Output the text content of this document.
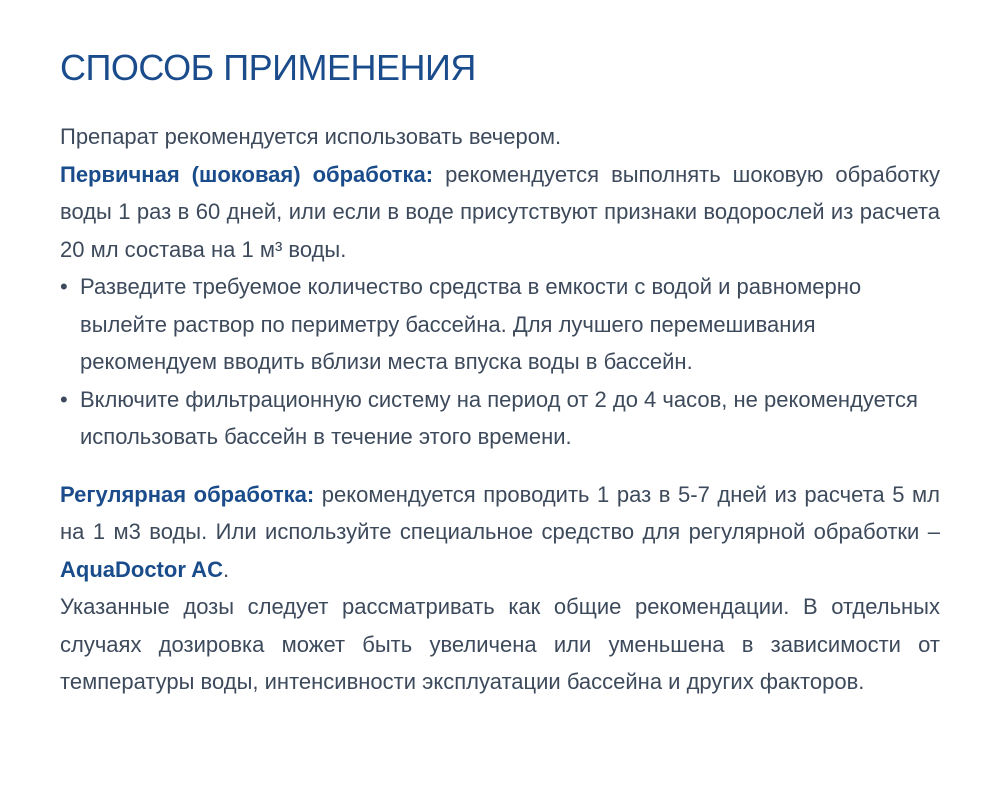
СПОСОБ ПРИМЕНЕНИЯ

Препарат рекомендуется использовать вечером.

Первичная (шоковая) обработка: рекомендуется выполнять шоковую обработку воды 1 раз в 60 дней, или если в воде присутствуют признаки водорослей из расчета 20 мл состава на 1 м³ воды.

• Разведите требуемое количество средства в емкости с водой и равномерно вылейте раствор по периметру бассейна. Для лучшего перемешивания рекомендуем вводить вблизи места впуска воды в бассейн.
• Включите фильтрационную систему на период от 2 до 4 часов, не рекомендуется использовать бассейн в течение этого времени.

Регулярная обработка: рекомендуется проводить 1 раз в 5-7 дней из расчета 5 мл на 1 м3 воды. Или используйте специальное средство для регулярной обработки – AquaDoctor AC.

Указанные дозы следует рассматривать как общие рекомендации. В отдельных случаях дозировка может быть увеличена или уменьшена в зависимости от температуры воды, интенсивности эксплуатации бассейна и других факторов.
